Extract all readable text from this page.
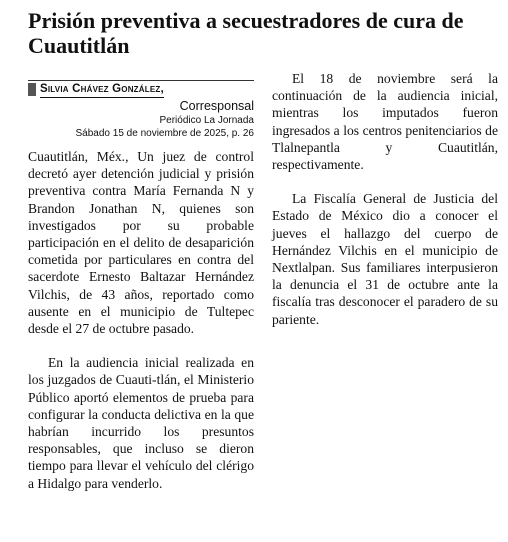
Prisión preventiva a secuestradores de cura de Cuautitlán
Silvia Chávez González,
Corresponsal
Periódico La Jornada
Sábado 15 de noviembre de 2025, p. 26

Cuautitlán, Méx., Un juez de control decretó ayer detención judicial y prisión preventiva contra María Fernanda N y Brandon Jonathan N, quienes son investigados por su probable participación en el delito de desaparición cometida por particulares en contra del sacerdote Ernesto Baltazar Hernández Vilchis, de 43 años, reportado como ausente en el municipio de Tultepec desde el 27 de octubre pasado.

En la audiencia inicial realizada en los juzgados de Cuauti-tlán, el Ministerio Público aportó elementos de prueba para configurar la conducta delictiva en la que habrían incurrido los presuntos responsables, que incluso se dieron tiempo para llevar el vehículo del clérigo a Hidalgo para venderlo.

El 18 de noviembre será la continuación de la audiencia inicial, mientras los imputados fueron ingresados a los centros penitenciarios de Tlalnepantla y Cuautitlán, respectivamente.

La Fiscalía General de Justicia del Estado de México dio a conocer el jueves el hallazgo del cuerpo de Hernández Vilchis en el municipio de Nextlalpan. Sus familiares interpusieron la denuncia el 31 de octubre ante la fiscalía tras desconocer el paradero de su pariente.
